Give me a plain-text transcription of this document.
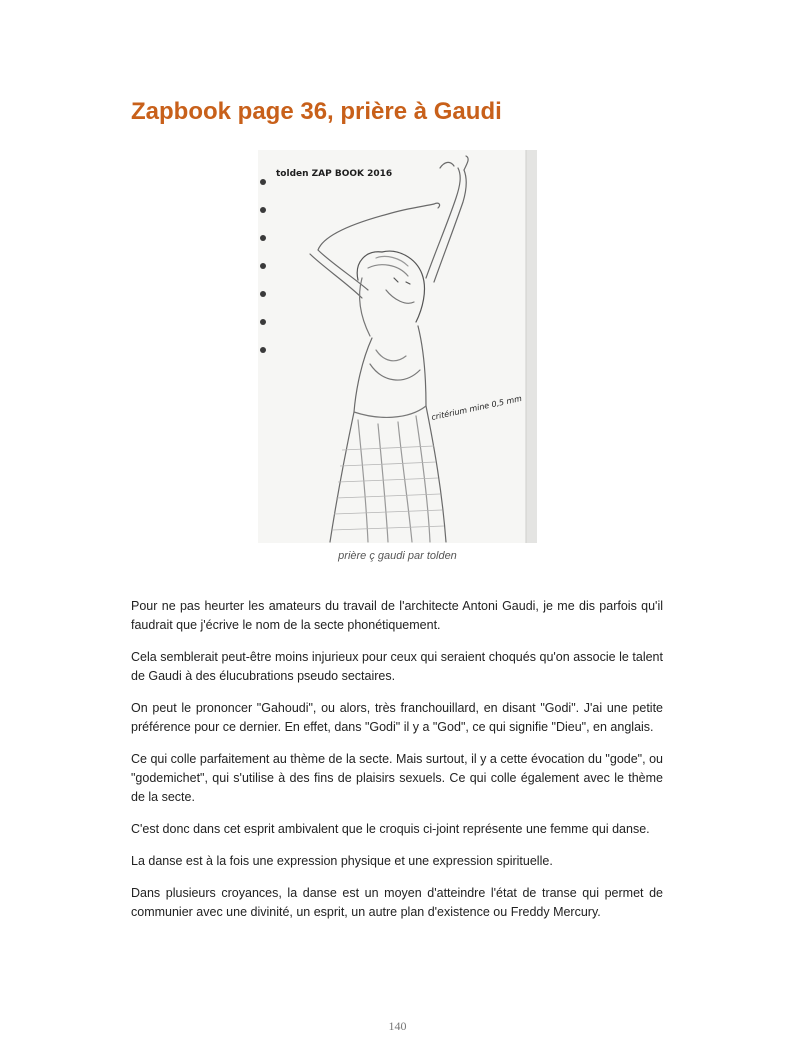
Zapbook page 36, prière à Gaudi
tolden ZAP BOOK 2016
critérium mine 0,5 mm
prière ç gaudi par tolden

Pour ne pas heurter les amateurs du travail de l'architecte Antoni Gaudi, je me dis parfois qu'il faudrait que j'écrive le nom de la secte phonétiquement.

Cela semblerait peut-être moins injurieux pour ceux qui seraient choqués qu'on associe le talent de Gaudi à des élucubrations pseudo sectaires.

On peut le prononcer "Gahoudi", ou alors, très franchouillard, en disant "Godi". J'ai une petite préférence pour ce dernier. En effet, dans "Godi" il y a "God", ce qui signifie "Dieu", en anglais.

Ce qui colle parfaitement au thème de la secte. Mais surtout, il y a cette évocation du "gode", ou "godemichet", qui s'utilise à des fins de plaisirs sexuels. Ce qui colle également avec le thème de la secte.

C'est donc dans cet esprit ambivalent que le croquis ci-joint représente une femme qui danse.

La danse est à la fois une expression physique et une expression spirituelle.

Dans plusieurs croyances, la danse est un moyen d'atteindre l'état de transe qui permet de communier avec une divinité, un esprit, un autre plan d'existence ou Freddy Mercury.

140
